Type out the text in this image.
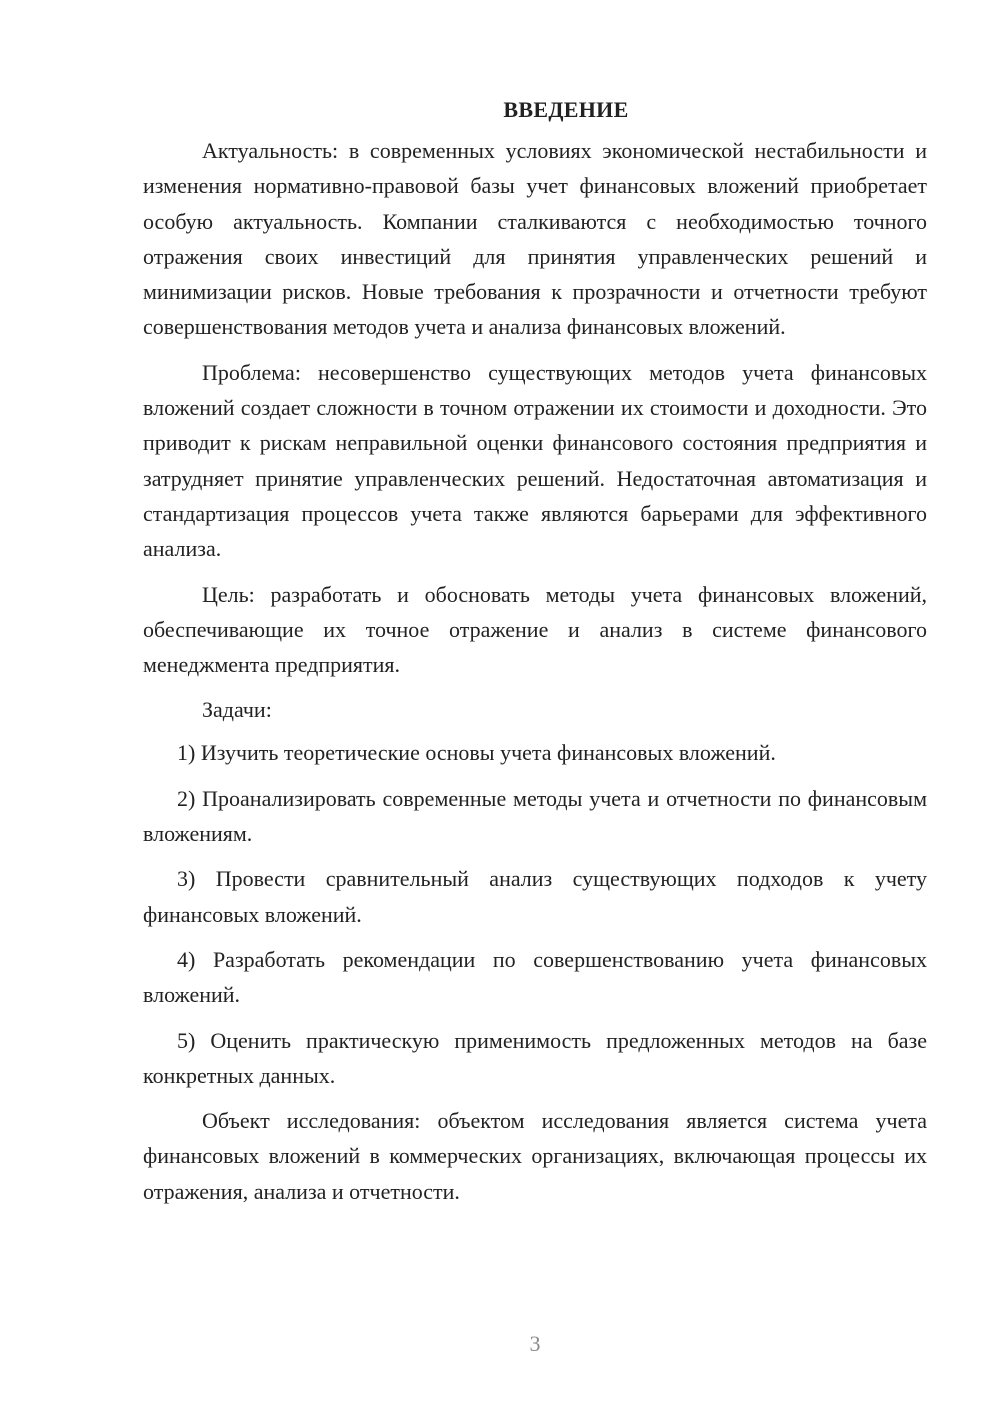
ВВЕДЕНИЕ

Актуальность: в современных условиях экономической нестабильности и изменения нормативно-правовой базы учет финансовых вложений приобретает особую актуальность. Компании сталкиваются с необходимостью точного отражения своих инвестиций для принятия управленческих решений и минимизации рисков. Новые требования к прозрачности и отчетности требуют совершенствования методов учета и анализа финансовых вложений.

Проблема: несовершенство существующих методов учета финансовых вложений создает сложности в точном отражении их стоимости и доходности. Это приводит к рискам неправильной оценки финансового состояния предприятия и затрудняет принятие управленческих решений. Недостаточная автоматизация и стандартизация процессов учета также являются барьерами для эффективного анализа.

Цель: разработать и обосновать методы учета финансовых вложений, обеспечивающие их точное отражение и анализ в системе финансового менеджмента предприятия.

Задачи:

1) Изучить теоретические основы учета финансовых вложений.

2) Проанализировать современные методы учета и отчетности по финансовым вложениям.

3) Провести сравнительный анализ существующих подходов к учету финансовых вложений.

4) Разработать рекомендации по совершенствованию учета финансовых вложений.

5) Оценить практическую применимость предложенных методов на базе конкретных данных.

Объект исследования: объектом исследования является система учета финансовых вложений в коммерческих организациях, включающая процессы их отражения, анализа и отчетности.

3
